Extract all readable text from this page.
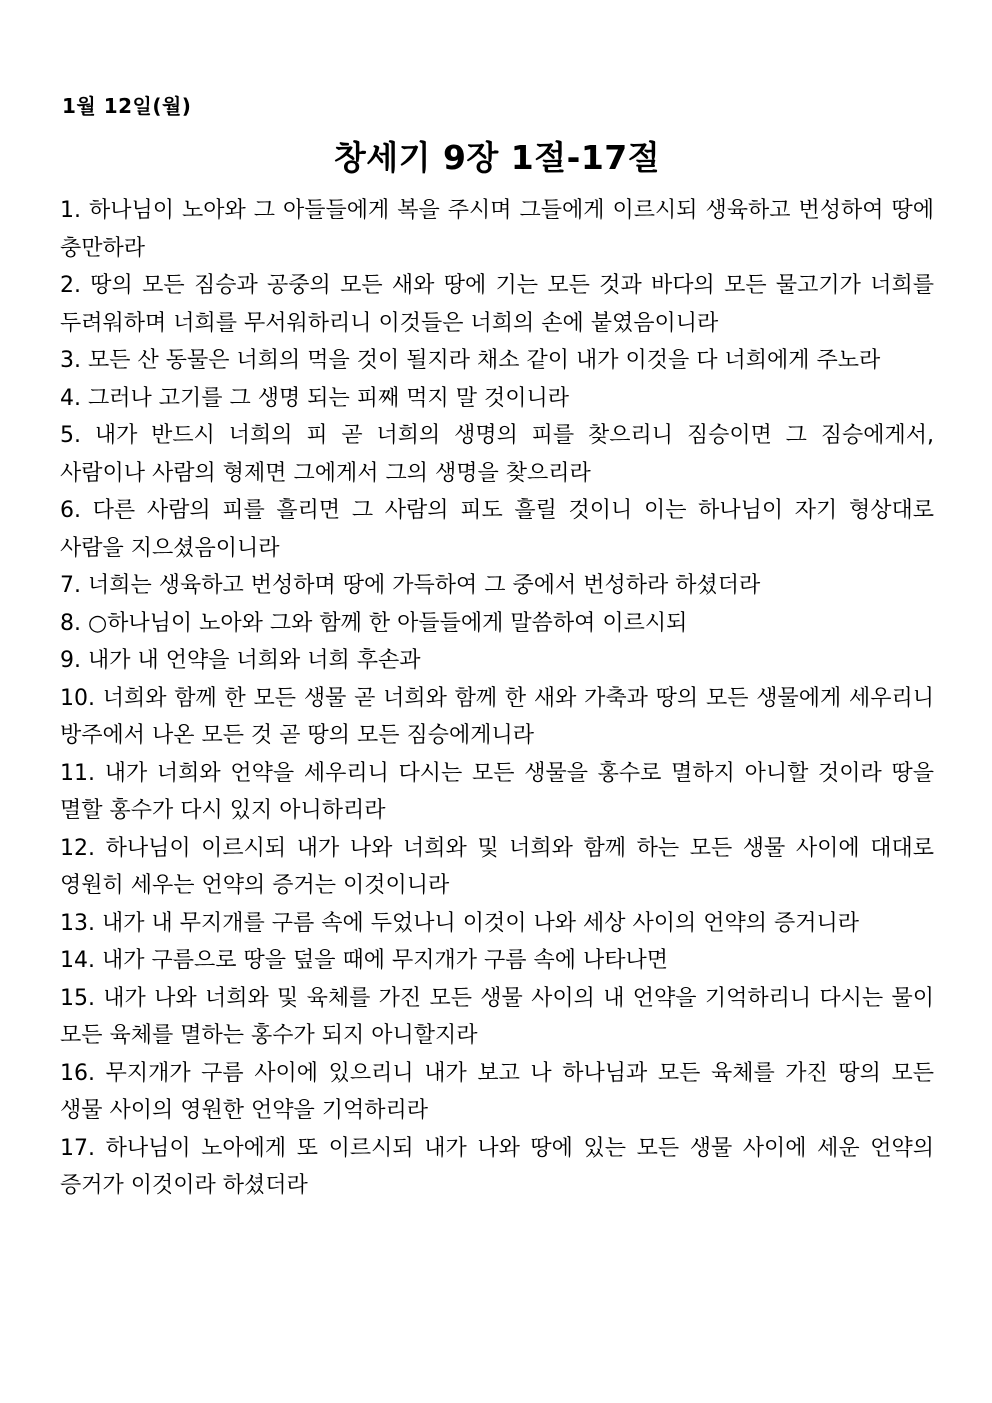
1월 12일(월)
창세기 9장 1절-17절

1. 하나님이 노아와 그 아들들에게 복을 주시며 그들에게 이르시되 생육하고 번성하여 땅에 충만하라

2. 땅의 모든 짐승과 공중의 모든 새와 땅에 기는 모든 것과 바다의 모든 물고기가 너희를 두려워하며 너희를 무서워하리니 이것들은 너희의 손에 붙였음이니라

3. 모든 산 동물은 너희의 먹을 것이 될지라 채소 같이 내가 이것을 다 너희에게 주노라

4. 그러나 고기를 그 생명 되는 피째 먹지 말 것이니라

5. 내가 반드시 너희의 피 곧 너희의 생명의 피를 찾으리니 짐승이면 그 짐승에게서, 사람이나 사람의 형제면 그에게서 그의 생명을 찾으리라

6. 다른 사람의 피를 흘리면 그 사람의 피도 흘릴 것이니 이는 하나님이 자기 형상대로 사람을 지으셨음이니라

7. 너희는 생육하고 번성하며 땅에 가득하여 그 중에서 번성하라 하셨더라

8. ○하나님이 노아와 그와 함께 한 아들들에게 말씀하여 이르시되

9. 내가 내 언약을 너희와 너희 후손과

10. 너희와 함께 한 모든 생물 곧 너희와 함께 한 새와 가축과 땅의 모든 생물에게 세우리니 방주에서 나온 모든 것 곧 땅의 모든 짐승에게니라

11. 내가 너희와 언약을 세우리니 다시는 모든 생물을 홍수로 멸하지 아니할 것이라 땅을 멸할 홍수가 다시 있지 아니하리라

12. 하나님이 이르시되 내가 나와 너희와 및 너희와 함께 하는 모든 생물 사이에 대대로 영원히 세우는 언약의 증거는 이것이니라

13. 내가 내 무지개를 구름 속에 두었나니 이것이 나와 세상 사이의 언약의 증거니라

14. 내가 구름으로 땅을 덮을 때에 무지개가 구름 속에 나타나면

15. 내가 나와 너희와 및 육체를 가진 모든 생물 사이의 내 언약을 기억하리니 다시는 물이 모든 육체를 멸하는 홍수가 되지 아니할지라

16. 무지개가 구름 사이에 있으리니 내가 보고 나 하나님과 모든 육체를 가진 땅의 모든 생물 사이의 영원한 언약을 기억하리라

17. 하나님이 노아에게 또 이르시되 내가 나와 땅에 있는 모든 생물 사이에 세운 언약의 증거가 이것이라 하셨더라
